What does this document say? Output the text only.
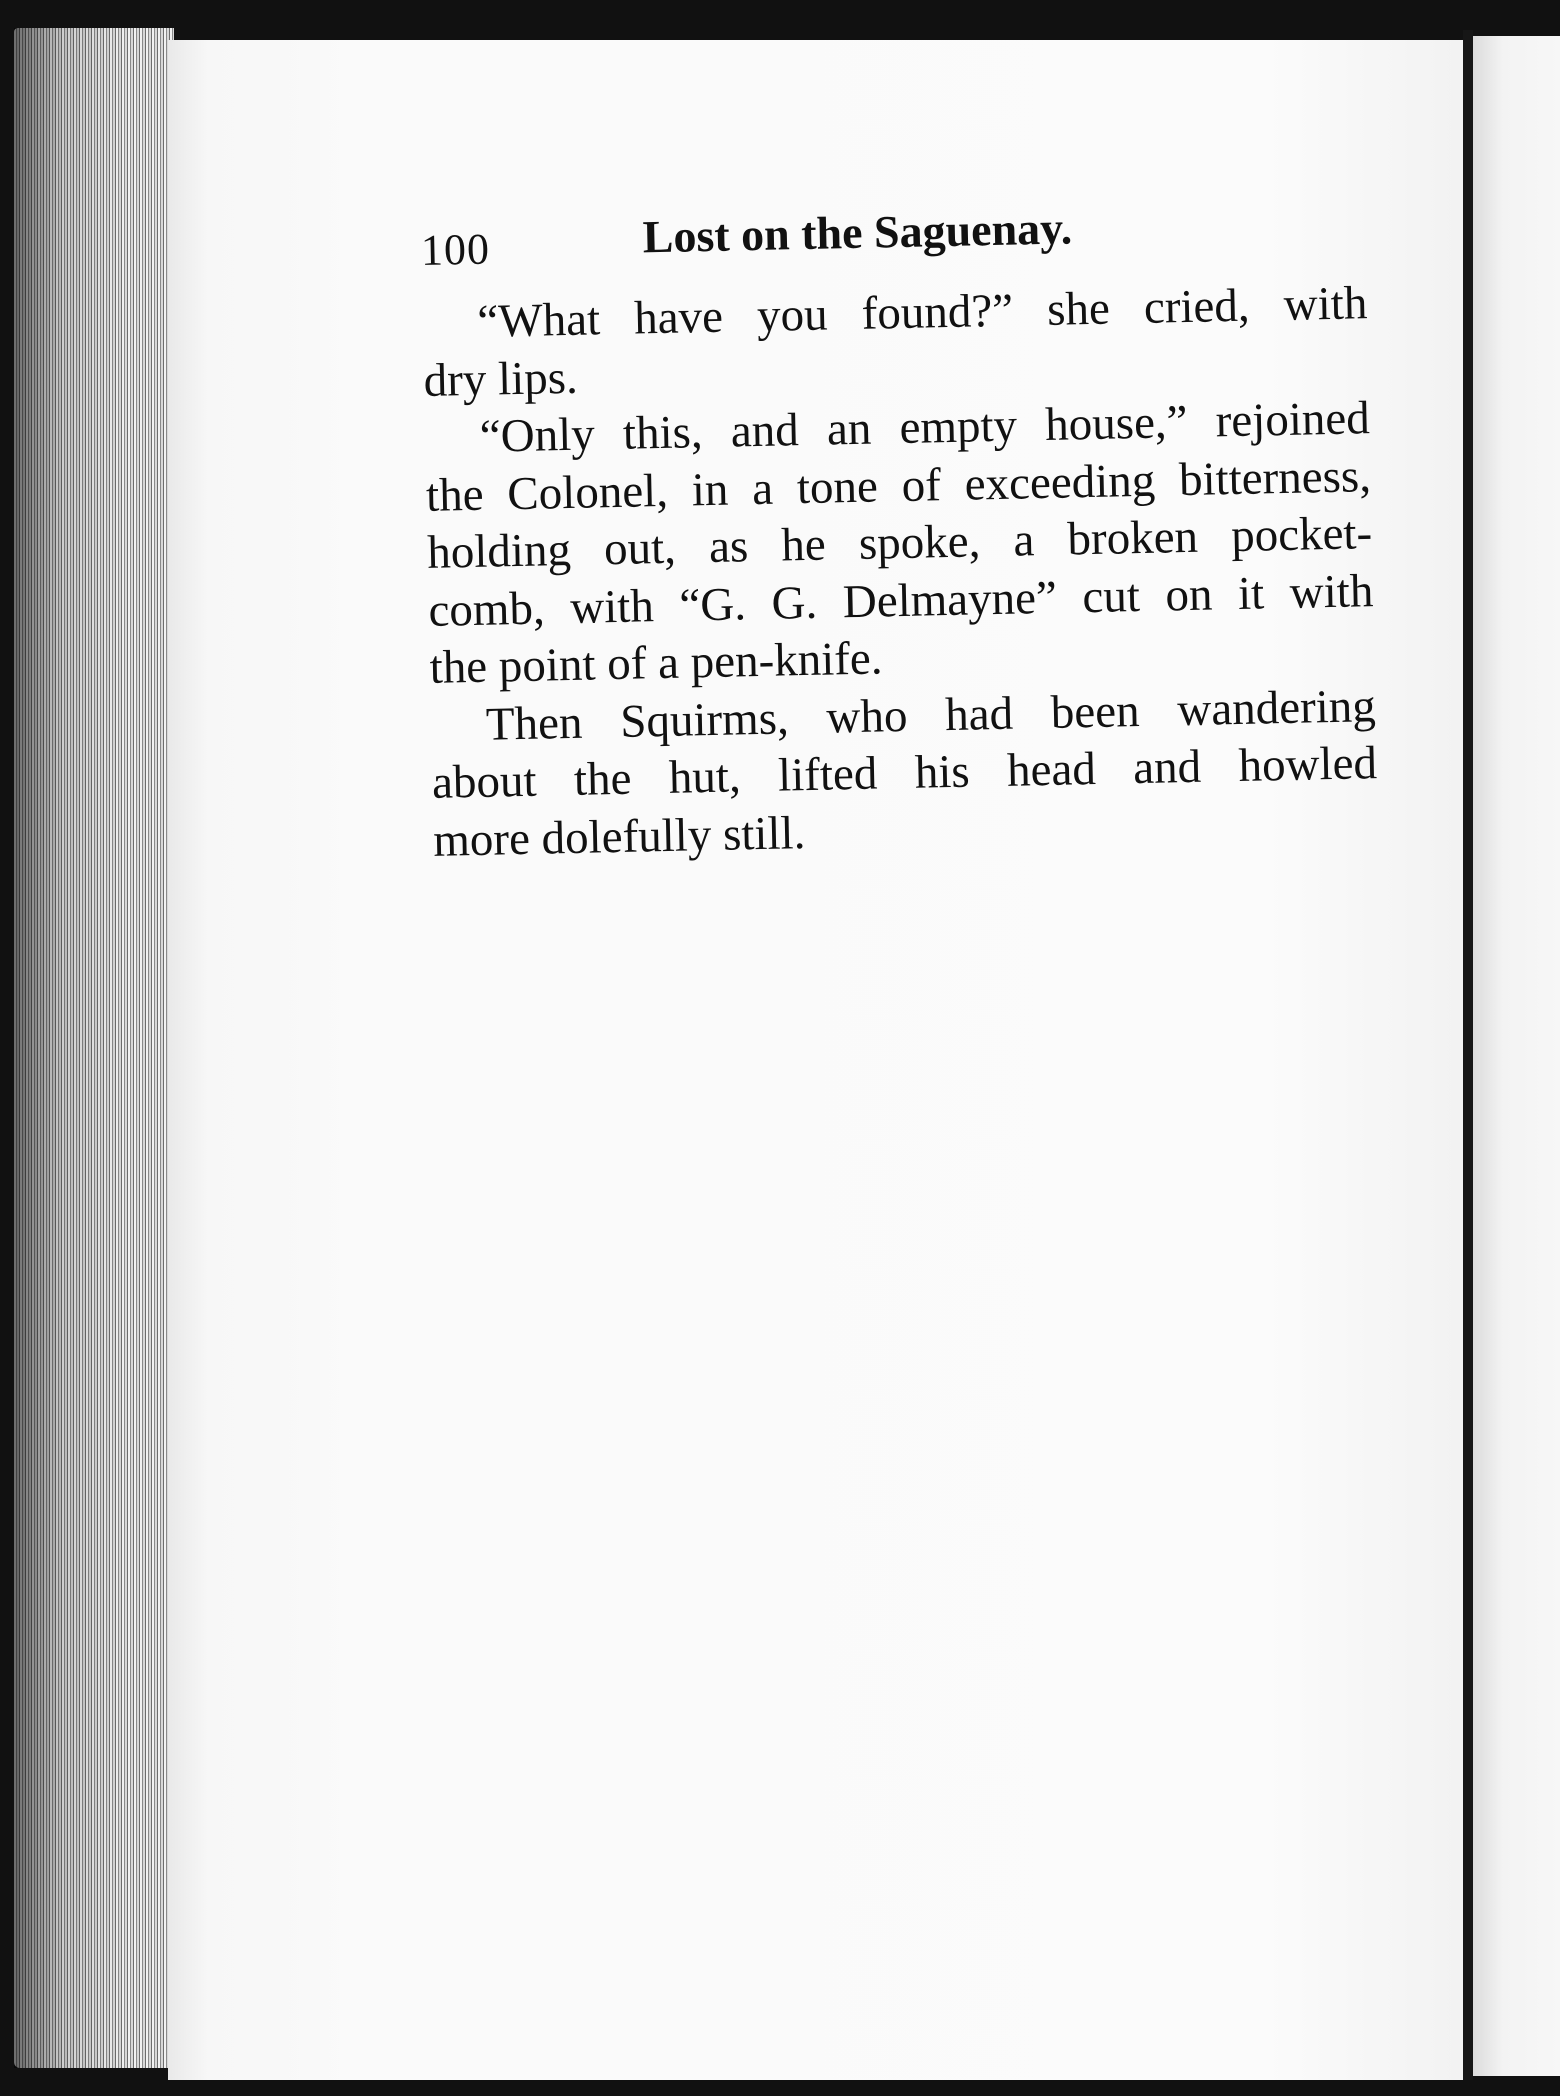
100	Lost on the Saguenay.

“What have you found?” she cried, with
dry lips.

“Only this, and an empty house,” rejoined
the Colonel, in a tone of exceeding bitterness,
holding out, as he spoke, a broken pocket-
comb, with “G. G. Delmayne” cut on it with
the point of a pen-knife.

Then Squirms, who had been wandering
about the hut, lifted his head and howled
more dolefully still.
